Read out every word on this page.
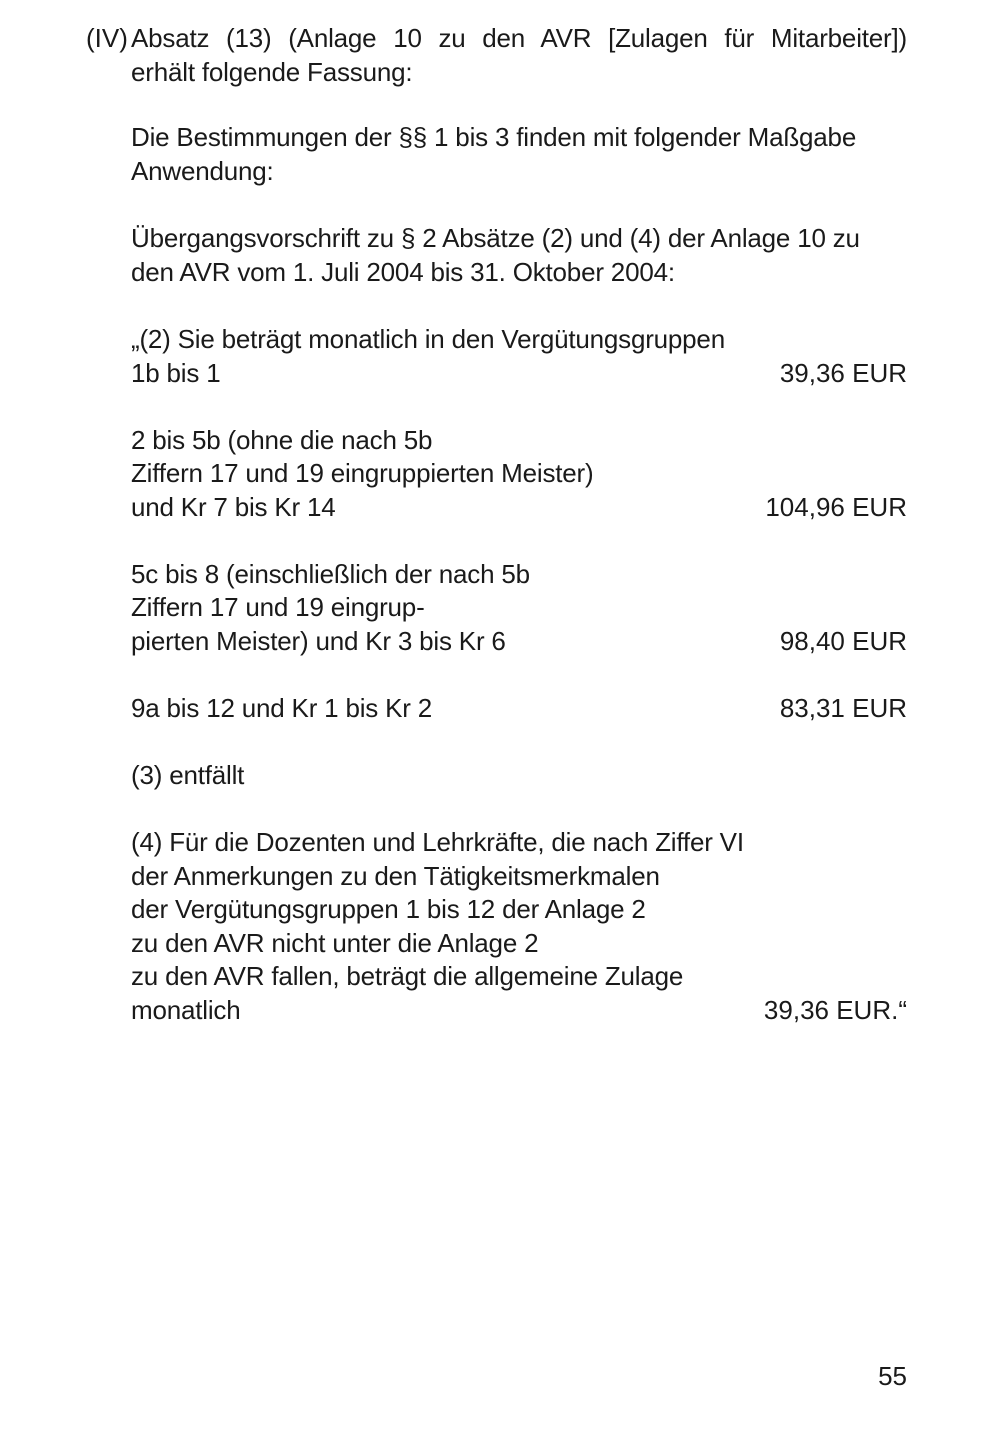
(IV) Absatz (13) (Anlage 10 zu den AVR [Zulagen für Mitarbeiter])
erhält folgende Fassung:
Die Bestimmungen der §§ 1 bis 3 finden mit folgender Maßgabe
Anwendung:
Übergangsvorschrift zu § 2 Absätze (2) und (4) der Anlage 10 zu
den AVR vom 1. Juli 2004 bis 31. Oktober 2004:
„(2) Sie beträgt monatlich in den Vergütungsgruppen
1b bis 1	39,36 EUR
2 bis 5b (ohne die nach 5b
Ziffern 17 und 19 eingruppierten Meister)
und Kr 7 bis Kr 14	104,96 EUR
5c bis 8 (einschließlich der nach 5b
Ziffern 17 und 19 eingrup-
pierten Meister) und Kr 3 bis Kr 6	98,40 EUR
9a bis 12 und Kr 1 bis Kr 2	83,31 EUR
(3) entfällt
(4) Für die Dozenten und Lehrkräfte, die nach Ziffer VI
der Anmerkungen zu den Tätigkeitsmerkmalen
der Vergütungsgruppen 1 bis 12 der Anlage 2
zu den AVR nicht unter die Anlage 2
zu den AVR fallen, beträgt die allgemeine Zulage
monatlich	39,36 EUR.“
55
